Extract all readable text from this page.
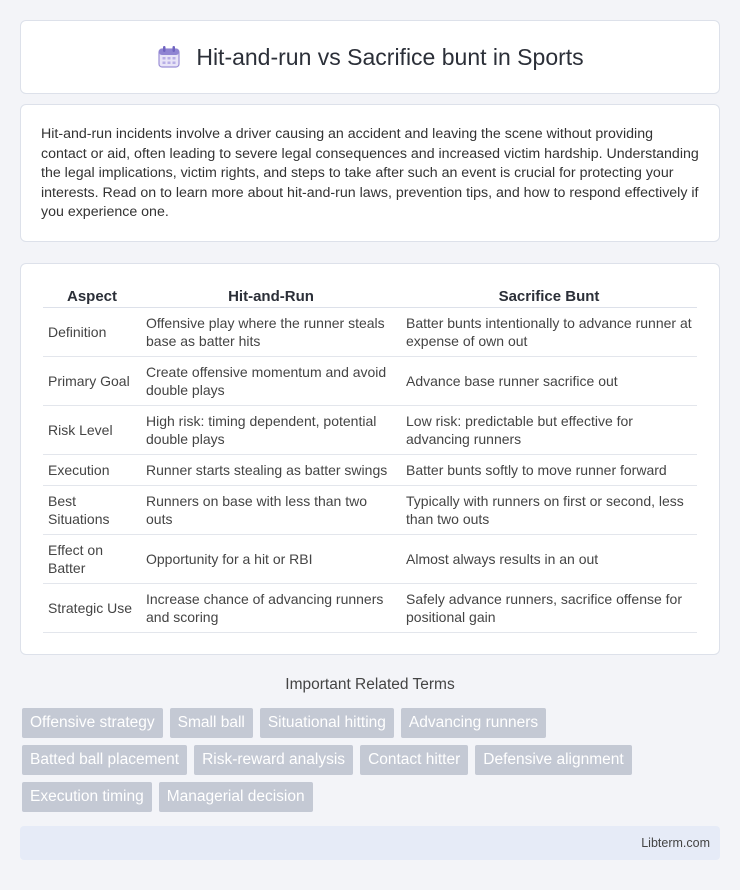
Hit-and-run vs Sacrifice bunt in Sports

Hit-and-run incidents involve a driver causing an accident and leaving the scene without providing contact or aid, often leading to severe legal consequences and increased victim hardship. Understanding the legal implications, victim rights, and steps to take after such an event is crucial for protecting your interests. Read on to learn more about hit-and-run laws, prevention tips, and how to respond effectively if you experience one.

Aspect	Hit-and-Run	Sacrifice Bunt
Definition	Offensive play where the runner steals base as batter hits	Batter bunts intentionally to advance runner at expense of own out
Primary Goal	Create offensive momentum and avoid double plays	Advance base runner sacrifice out
Risk Level	High risk: timing dependent, potential double plays	Low risk: predictable but effective for advancing runners
Execution	Runner starts stealing as batter swings	Batter bunts softly to move runner forward
Best Situations	Runners on base with less than two outs	Typically with runners on first or second, less than two outs
Effect on Batter	Opportunity for a hit or RBI	Almost always results in an out
Strategic Use	Increase chance of advancing runners and scoring	Safely advance runners, sacrifice offense for positional gain
Important Related Terms
Offensive strategy	Small ball	Situational hitting	Advancing runners
Batted ball placement	Risk-reward analysis	Contact hitter	Defensive alignment
Execution timing	Managerial decision
Libterm.com
